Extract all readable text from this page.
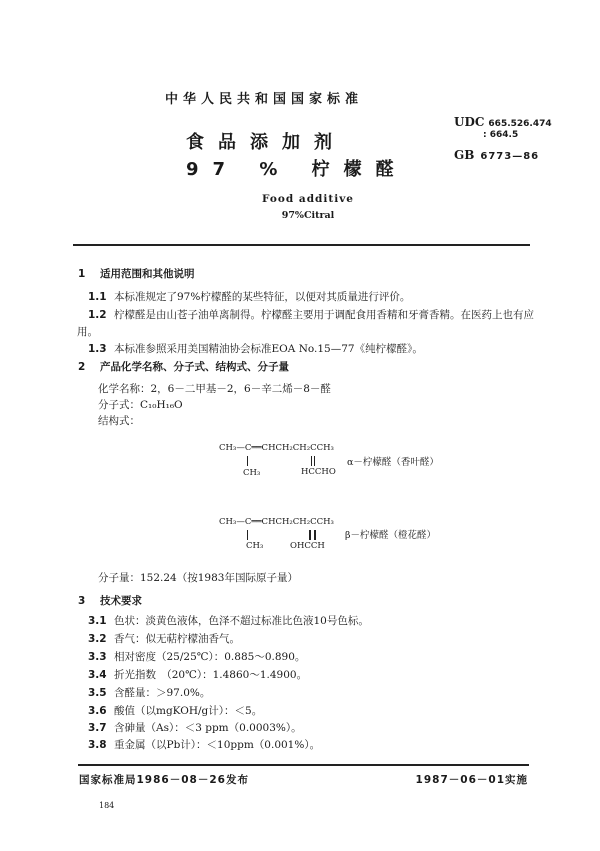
中华人民共和国国家标准
食品添加剂
97 % 柠檬醛
Food additive
97%Citral
UDC 665.526.474
: 664.5
GB 6773—86
1 适用范围和其他说明
1.1 本标准规定了97%柠檬醛的某些特征，以便对其质量进行评价。
1.2 柠檬醛是由山苍子油单离制得。柠檬醛主要用于调配食用香精和牙膏香精。在医药上也有应
用。
1.3 本标准参照采用美国精油协会标准EOA No.15—77《纯柠檬醛》。
2 产品化学名称、分子式、结构式、分子量
化学名称：2，6－二甲基－2，6－辛二烯－8－醛
分子式：C₁₀H₁₆O
结构式：
CH₃—C══CHCH₂CH₂CCH₃
CH₃	HCCHO
α－柠檬醛（香叶醛）
CH₃—C══CHCH₂CH₂CCH₃
CH₃	OHCCH
β－柠檬醛（橙花醛）
分子量：152.24（按1983年国际原子量）
3 技术要求
3.1 色状：淡黄色液体，色泽不超过标准比色液10号色标。
3.2 香气：似无萜柠檬油香气。
3.3 相对密度（25/25℃）：0.885～0.890。
3.4 折光指数　（20℃）：1.4860～1.4900。
3.5 含醛量：＞97.0%。
3.6 酸值（以mgKOH/g计）：＜5。
3.7 含砷量（As）：＜3 ppm（0.0003%）。
3.8 重金属（以Pb计）：＜10ppm（0.001%）。
国家标准局1986－08－26发布	1987－06－01实施
184
